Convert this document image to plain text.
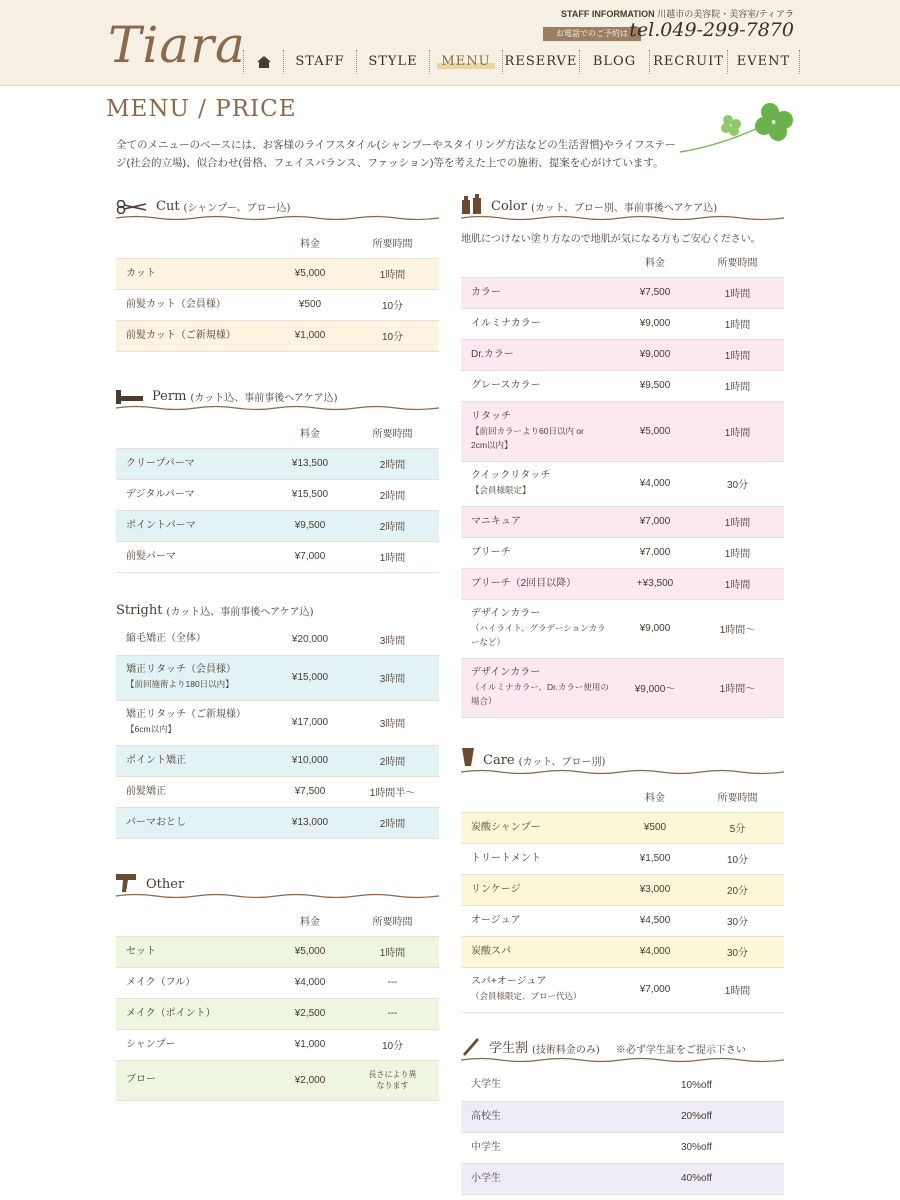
Tiara
STAFF INFORMATION 川越市の美容院・美容室/ティアラ
お電話でのご予約は tel.049-299-7870
STAFF	STYLE	MENU	RESERVE	BLOG	RECRUIT EVENT
MENU / PRICE
全てのメニューのベースには、お客様のライフスタイル(シャンプーやスタイリング方法などの生活習慣)やライフステージ(社会的立場)、似合わせ(骨格、フェイスバランス、ファッション)等を考えた上での施術、提案を心がけています。
Cut (シャンプー、ブロー込)
	料金	所要時間
カット	¥5,000	1時間
前髪カット（会員様）	¥500	10分
前髪カット（ご新規様）	¥1,000	10分
Perm (カット込、事前事後ヘアケア込)
	料金	所要時間
クリープパーマ	¥13,500	2時間
デジタルパーマ	¥15,500	2時間
ポイントパーマ	¥9,500	2時間
前髪パーマ	¥7,000	1時間
Stright (カット込、事前事後ヘアケア込)
縮毛矯正（全体）	¥20,000	3時間
矯正リタッチ（会員様）
【前回施術より180日以内】	¥15,000	3時間
矯正リタッチ（ご新規様）
【6cm以内】	¥17,000	3時間
ポイント矯正	¥10,000	2時間
前髪矯正	¥7,500	1時間半〜
パーマおとし	¥13,000	2時間
Other
	料金	所要時間
セット	¥5,000	1時間
メイク（フル）	¥4,000	---
メイク（ポイント）	¥2,500	---
シャンプー	¥1,000	10分
ブロー	¥2,000	長さにより異なります
Color (カット、ブロー別、事前事後ヘアケア込)
地肌につけない塗り方なので地肌が気になる方もご安心ください。
	料金	所要時間
カラー	¥7,500	1時間
イルミナカラー	¥9,000	1時間
Dr.カラー	¥9,000	1時間
グレースカラー	¥9,500	1時間
リタッチ
【前回カラーより60日以内 or 2cm以内】	¥5,000	1時間
クイックリタッチ
【会員様限定】	¥4,000	30分
マニキュア	¥7,000	1時間
ブリーチ	¥7,000	1時間
ブリーチ（2回目以降）	+¥3,500	1時間
デザインカラー
（ハイライト、グラデーションカラーなど）	¥9,000	1時間〜
デザインカラー
（イルミナカラー、Dr.カラー使用の場合）	¥9,000〜	1時間〜
Care (カット、ブロー別)
	料金	所要時間
炭酸シャンプー	¥500	5分
トリートメント	¥1,500	10分
リンケージ	¥3,000	20分
オージュア	¥4,500	30分
炭酸スパ	¥4,000	30分
スパ+オージュア
（会員様限定、ブロー代込）	¥7,000	1時間
学生割 (技術料金のみ) ※必ず学生証をご提示下さい
大学生	10%off
高校生	20%off
中学生	30%off
小学生	40%off
